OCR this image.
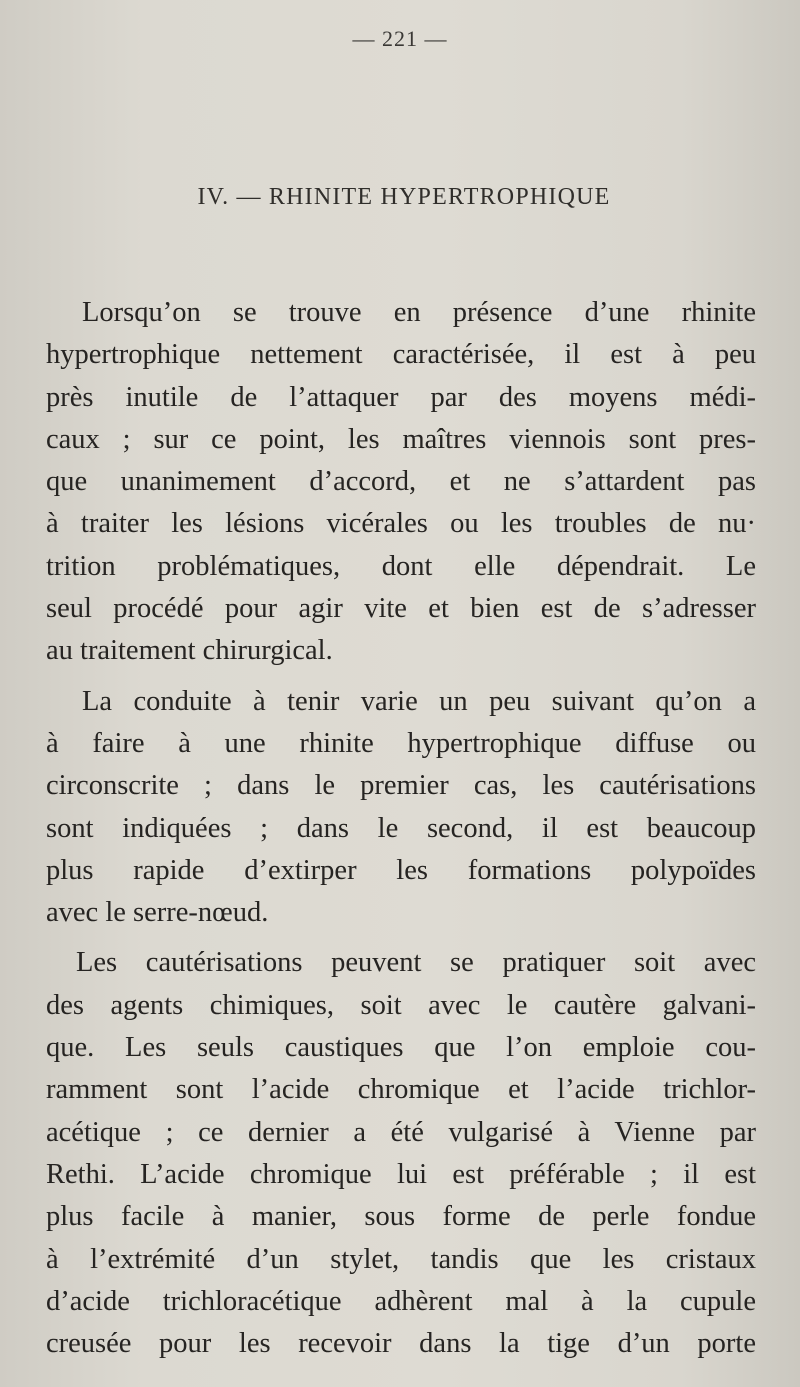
— 221 —
IV. — RHINITE HYPERTROPHIQUE
Lorsqu’on se trouve en présence d’une rhinite
hypertrophique nettement caractérisée, il est à peu
près inutile de l’attaquer par des moyens médi-
caux ; sur ce point, les maîtres viennois sont pres-
que unanimement d’accord, et ne s’attardent pas
à traiter les lésions vicérales ou les troubles de nu·
trition problématiques, dont elle dépendrait. Le
seul procédé pour agir vite et bien est de s’adresser
au traitement chirurgical.
La conduite à tenir varie un peu suivant qu’on a
à faire à une rhinite hypertrophique diffuse ou
circonscrite ; dans le premier cas, les cautérisations
sont indiquées ; dans le second, il est beaucoup
plus rapide d’extirper les formations polypoïdes
avec le serre-nœud.
Les cautérisations peuvent se pratiquer soit avec
des agents chimiques, soit avec le cautère galvani-
que. Les seuls caustiques que l’on emploie cou-
ramment sont l’acide chromique et l’acide trichlor-
acétique ; ce dernier a été vulgarisé à Vienne par
Rethi. L’acide chromique lui est préférable ; il est
plus facile à manier, sous forme de perle fondue
à l’extrémité d’un stylet, tandis que les cristaux
d’acide trichloracétique adhèrent mal à la cupule
creusée pour les recevoir dans la tige d’un porte
